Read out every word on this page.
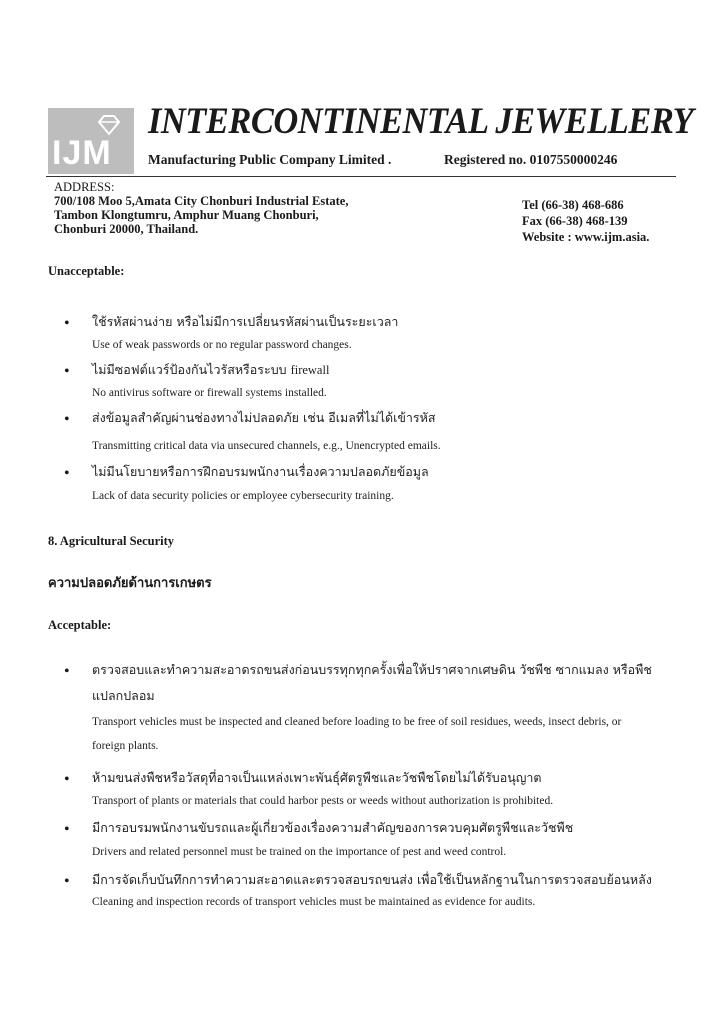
IJM
INTERCONTINENTAL JEWELLERY
Manufacturing Public Company Limited .	Registered no. 0107550000246
ADDRESS:
700/108 Moo 5,Amata City Chonburi Industrial Estate,
Tambon Klongtumru, Amphur Muang Chonburi,
Chonburi 20000, Thailand.
Tel (66-38) 468-686
Fax (66-38) 468-139
Website : www.ijm.asia.
Unacceptable:
• ใช้รหัสผ่านง่าย หรือไม่มีการเปลี่ยนรหัสผ่านเป็นระยะเวลา
Use of weak passwords or no regular password changes.
• ไม่มีซอฟต์แวร์ป้องกันไวรัสหรือระบบ firewall
No antivirus software or firewall systems installed.
• ส่งข้อมูลสำคัญผ่านช่องทางไม่ปลอดภัย เช่น อีเมลที่ไม่ได้เข้ารหัส
Transmitting critical data via unsecured channels, e.g., Unencrypted emails.
• ไม่มีนโยบายหรือการฝึกอบรมพนักงานเรื่องความปลอดภัยข้อมูล
Lack of data security policies or employee cybersecurity training.
8. Agricultural Security
ความปลอดภัยด้านการเกษตร
Acceptable:
• ตรวจสอบและทำความสะอาดรถขนส่งก่อนบรรทุกทุกครั้งเพื่อให้ปราศจากเศษดิน วัชพืช ซากแมลง หรือพืช
แปลกปลอม
Transport vehicles must be inspected and cleaned before loading to be free of soil residues, weeds, insect debris, or
foreign plants.
• ห้ามขนส่งพืชหรือวัสดุที่อาจเป็นแหล่งเพาะพันธุ์ศัตรูพืชและวัชพืชโดยไม่ได้รับอนุญาต
Transport of plants or materials that could harbor pests or weeds without authorization is prohibited.
• มีการอบรมพนักงานขับรถและผู้เกี่ยวข้องเรื่องความสำคัญของการควบคุมศัตรูพืชและวัชพืช
Drivers and related personnel must be trained on the importance of pest and weed control.
• มีการจัดเก็บบันทึกการทำความสะอาดและตรวจสอบรถขนส่ง เพื่อใช้เป็นหลักฐานในการตรวจสอบย้อนหลัง
Cleaning and inspection records of transport vehicles must be maintained as evidence for audits.
